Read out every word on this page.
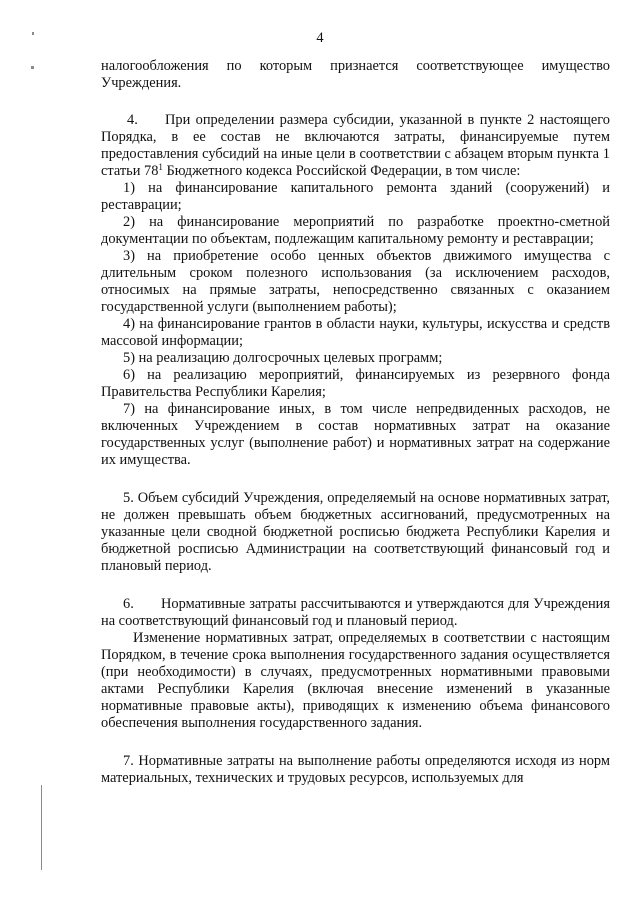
4

налогообложения по которым признается соответствующее имущество Учреждения.

4. При определении размера субсидии, указанной в пункте 2 настоящего Порядка, в ее состав не включаются затраты, финансируемые путем предоставления субсидий на иные цели в соответствии с абзацем вторым пункта 1 статьи $78^1$ Бюджетного кодекса Российской Федерации, в том числе:

1) на финансирование капитального ремонта зданий (сооружений) и реставрации;

2) на финансирование мероприятий по разработке проектно-сметной документации по объектам, подлежащим капитальному ремонту и реставрации;

3) на приобретение особо ценных объектов движимого имущества с длительным сроком полезного использования (за исключением расходов, относимых на прямые затраты, непосредственно связанных с оказанием государственной услуги (выполнением работы);

4) на финансирование грантов в области науки, культуры, искусства и средств массовой информации;

5) на реализацию долгосрочных целевых программ;

6) на реализацию мероприятий, финансируемых из резервного фонда Правительства Республики Карелия;

7) на финансирование иных, в том числе непредвиденных расходов, не включенных Учреждением в состав нормативных затрат на оказание государственных услуг (выполнение работ) и нормативных затрат на содержание их имущества.

5. Объем субсидий Учреждения, определяемый на основе нормативных затрат, не должен превышать объем бюджетных ассигнований, предусмотренных на указанные цели сводной бюджетной росписью бюджета Республики Карелия и бюджетной росписью Администрации на соответствующий финансовый год и плановый период.

6. Нормативные затраты рассчитываются и утверждаются для Учреждения на соответствующий финансовый год и плановый период.

Изменение нормативных затрат, определяемых в соответствии с настоящим Порядком, в течение срока выполнения государственного задания осуществляется (при необходимости) в случаях, предусмотренных нормативными правовыми актами Республики Карелия (включая внесение изменений в указанные нормативные правовые акты), приводящих к изменению объема финансового обеспечения выполнения государственного задания.

7. Нормативные затраты на выполнение работы определяются исходя из норм материальных, технических и трудовых ресурсов, используемых для
